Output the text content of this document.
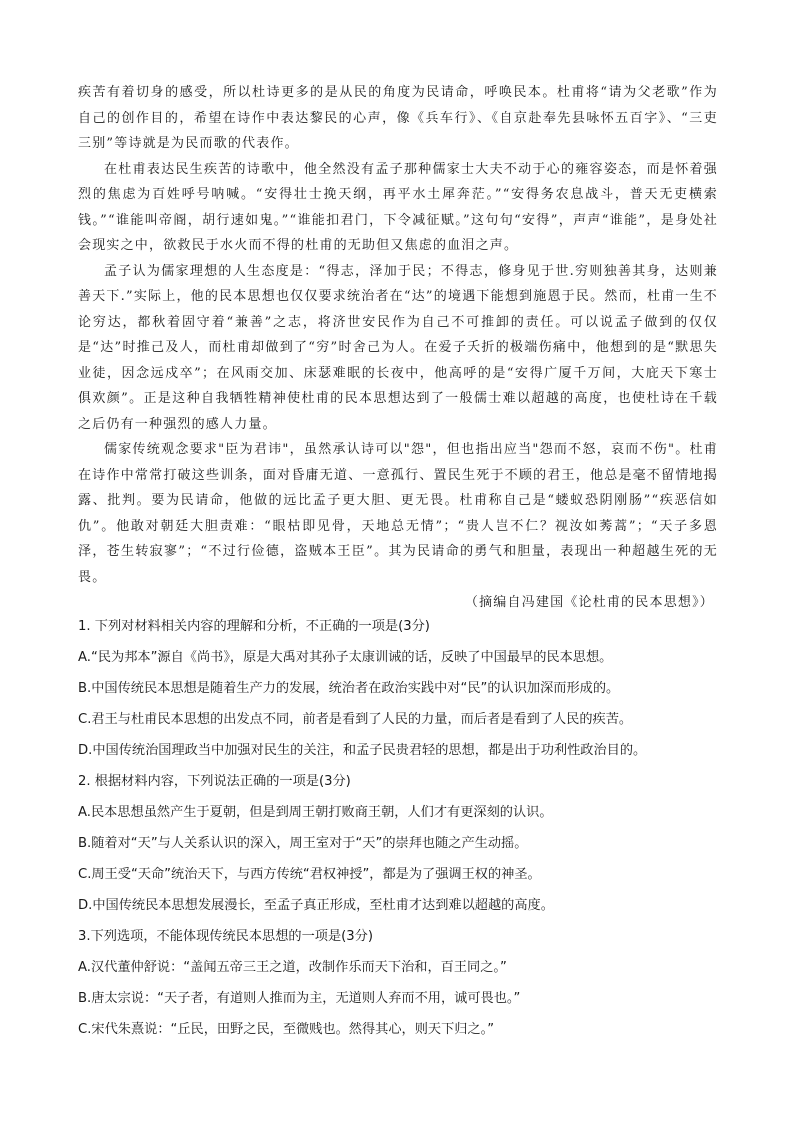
疾苦有着切身的感受，所以杜诗更多的是从民的角度为民请命，呼唤民本。杜甫将“请为父老歌”作为自己的创作目的，希望在诗作中表达黎民的心声，像《兵车行》、《自京赴奉先县咏怀五百字》、“三吏三别”等诗就是为民而歌的代表作。

在杜甫表达民生疾苦的诗歌中，他全然没有孟子那种儒家士大夫不动于心的雍容姿态，而是怀着强烈的焦虑为百姓呼号呐喊。“安得壮士挽天纲，再平水土犀奔茫。”“安得务农息战斗，普天无吏横索钱。”“谁能叫帝阍，胡行速如鬼。”“谁能扣君门，下令减征赋。”这句句“安得”，声声“谁能”，是身处社会现实之中，欲救民于水火而不得的杜甫的无助但又焦虑的血泪之声。

孟子认为儒家理想的人生态度是：“得志，泽加于民；不得志，修身见于世.穷则独善其身，达则兼善天下.”实际上，他的民本思想也仅仅要求统治者在“达”的境遇下能想到施恩于民。然而，杜甫一生不论穷达，都秋着固守着“兼善”之志，将济世安民作为自己不可推卸的责任。可以说孟子做到的仅仅是“达”时推己及人，而杜甫却做到了“穷”时舍己为人。在爱子夭折的极端伤痛中，他想到的是“默思失业徒，因念远戍卒”；在风雨交加、床瑟难眠的长夜中，他高呼的是“安得广厦千万间，大庇天下寒士俱欢颜”。正是这种自我牺牲精神使杜甫的民本思想达到了一般儒士难以超越的高度，也使杜诗在千载之后仍有一种强烈的感人力量。

儒家传统观念要求"臣为君讳"，虽然承认诗可以"怨"，但也指出应当"怨而不怒，哀而不伤"。杜甫在诗作中常常打破这些训条，面对昏庸无道、一意孤行、置民生死于不顾的君王，他总是毫不留情地揭露、批判。要为民请命，他做的远比孟子更大胆、更无畏。杜甫称自己是“蝼蚁恐阴刚肠”“疾恶信如仇”。他敢对朝廷大胆责难：“眼枯即见骨，天地总无情”；“贵人岂不仁？视汝如莠蒿”；“天子多恩泽，苍生转寂寥”；“不过行俭德，盗贼本王臣”。其为民请命的勇气和胆量，表现出一种超越生死的无畏。

（摘编自冯建国《论杜甫的民本思想》）

1. 下列对材料相关内容的理解和分析，不正确的一项是(3分)
A.“民为邦本”源自《尚书》，原是大禹对其孙子太康训诫的话，反映了中国最早的民本思想。
B.中国传统民本思想是随着生产力的发展，统治者在政治实践中对“民”的认识加深而形成的。
C.君王与杜甫民本思想的出发点不同，前者是看到了人民的力量，而后者是看到了人民的疾苦。
D.中国传统治国理政当中加强对民生的关注，和孟子民贵君轻的思想，都是出于功利性政治目的。
2. 根据材料内容，下列说法正确的一项是(3分)
A.民本思想虽然产生于夏朝，但是到周王朝打败商王朝，人们才有更深刻的认识。
B.随着对“天”与人关系认识的深入，周王室对于“天”的崇拜也随之产生动摇。
C.周王受“天命”统治天下，与西方传统“君权神授”，都是为了强调王权的神圣。
D.中国传统民本思想发展漫长，至孟子真正形成，至杜甫才达到难以超越的高度。
3.下列选项，不能体现传统民本思想的一项是(3分)
A.汉代董仲舒说：“盖闻五帝三王之道，改制作乐而天下治和，百王同之。”
B.唐太宗说：“天子者，有道则人推而为主，无道则人弃而不用，诚可畏也。”
C.宋代朱熹说：“丘民，田野之民，至微贱也。然得其心，则天下归之。”
